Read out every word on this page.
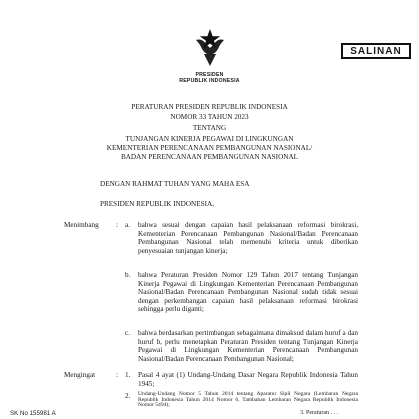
SALINAN
PRESIDEN
REPUBLIK INDONESIA
PERATURAN PRESIDEN REPUBLIK INDONESIA
NOMOR 33 TAHUN 2023
TENTANG
TUNJANGAN KINERJA PEGAWAI DI LINGKUNGAN
KEMENTERIAN PERENCANAAN PEMBANGUNAN NASIONAL/
BADAN PERENCANAAN PEMBANGUNAN NASIONAL
DENGAN RAHMAT TUHAN YANG MAHA ESA
PRESIDEN REPUBLIK INDONESIA,
Menimbang : a. bahwa sesuai dengan capaian hasil pelaksanaan reformasi birokrasi, Kementerian Perencanaan Pembangunan Nasional/Badan Perencanaan Pembangunan Nasional telah memenuhi kriteria untuk diberikan penyesuaian tunjangan kinerja;
b. bahwa Peraturan Presiden Nomor 129 Tahun 2017 tentang Tunjangan Kinerja Pegawai di Lingkungan Kementerian Perencanaan Pembangunan Nasional/Badan Perencanaan Pembangunan Nasional sudah tidak sesuai dengan perkembangan capaian hasil pelaksanaan reformasi birokrasi sehingga perlu diganti;
c. bahwa berdasarkan pertimbangan sebagaimana dimaksud dalam huruf a dan huruf b, perlu menetapkan Peraturan Presiden tentang Tunjangan Kinerja Pegawai di Lingkungan Kementerian Perencanaan Pembangunan Nasional/Badan Perencanaan Pembangunan Nasional;
Mengingat	: 1. Pasal 4 ayat (1) Undang-Undang Dasar Negara Republik Indonesia Tahun 1945;
2. Undang-Undang Nomor 5 Tahun 2014 tentang Aparatur Sipil Negara (Lembaran Negara Republik Indonesia Tahun 2014 Nomor 6, Tambahan Lembaran Negara Republik Indonesia Nomor 5494);
3. Peraturan . . .
SK No 155981 A
